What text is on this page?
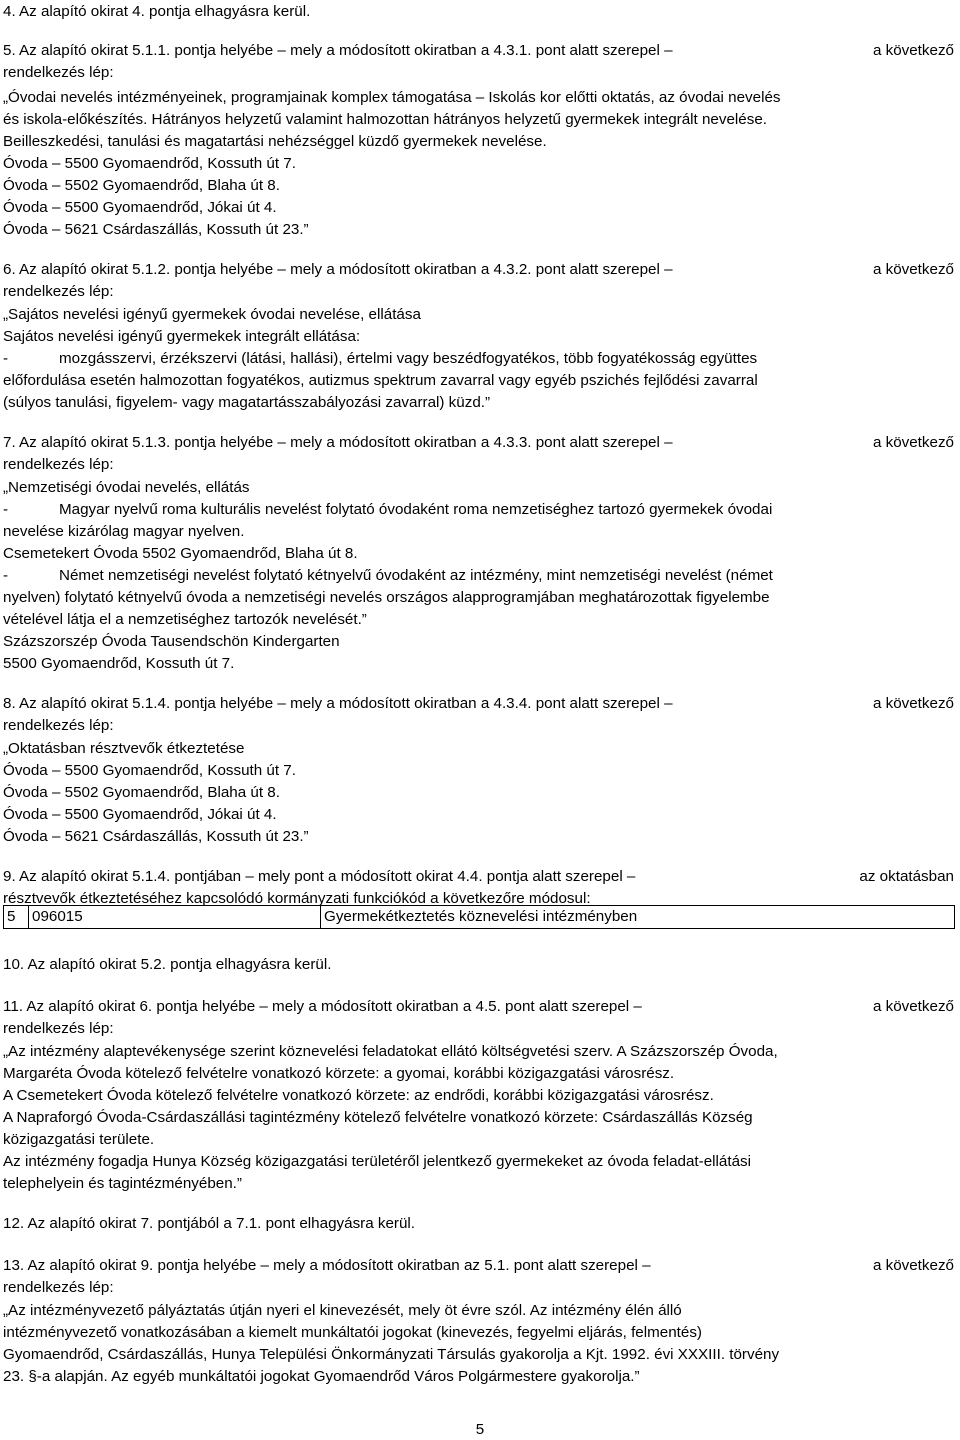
4. Az alapító okirat 4. pontja elhagyásra kerül.
5. Az alapító okirat 5.1.1. pontja helyébe – mely a módosított okiratban a 4.3.1. pont alatt szerepel –	a következő
rendelkezés lép:
„Óvodai nevelés intézményeinek, programjainak komplex támogatása – Iskolás kor előtti oktatás, az óvodai nevelés
és iskola-előkészítés. Hátrányos helyzetű valamint halmozottan hátrányos helyzetű gyermekek integrált nevelése.
Beilleszkedési, tanulási és magatartási nehézséggel küzdő gyermekek nevelése.
Óvoda – 5500 Gyomaendrőd, Kossuth út 7.
Óvoda – 5502 Gyomaendrőd, Blaha út 8.
Óvoda – 5500 Gyomaendrőd, Jókai út 4.
Óvoda – 5621 Csárdaszállás, Kossuth út 23.”
6. Az alapító okirat 5.1.2. pontja helyébe – mely a módosított okiratban a 4.3.2. pont alatt szerepel –	a következő
rendelkezés lép:
„Sajátos nevelési igényű gyermekek óvodai nevelése, ellátása
Sajátos nevelési igényű gyermekek integrált ellátása:
-	mozgásszervi, érzékszervi (látási, hallási), értelmi vagy beszédfogyatékos, több fogyatékosság együttes
előfordulása esetén halmozottan fogyatékos, autizmus spektrum zavarral vagy egyéb pszichés fejlődési zavarral
(súlyos tanulási, figyelem- vagy magatartásszabályozási zavarral) küzd.”
7. Az alapító okirat 5.1.3. pontja helyébe – mely a módosított okiratban a 4.3.3. pont alatt szerepel –	a következő
rendelkezés lép:
„Nemzetiségi óvodai nevelés, ellátás
-	Magyar nyelvű roma kulturális nevelést folytató óvodaként roma nemzetiséghez tartozó gyermekek óvodai
nevelése kizárólag magyar nyelven.
Csemetekert Óvoda 5502 Gyomaendrőd, Blaha út 8.
-	Német nemzetiségi nevelést folytató kétnyelvű óvodaként az intézmény, mint nemzetiségi nevelést (német
nyelven) folytató kétnyelvű óvoda a nemzetiségi nevelés országos alapprogramjában meghatározottak figyelembe
vételével látja el a nemzetiséghez tartozók nevelését.”
Százszorszép Óvoda Tausendschön Kindergarten
5500 Gyomaendrőd, Kossuth út 7.
8. Az alapító okirat 5.1.4. pontja helyébe – mely a módosított okiratban a 4.3.4. pont alatt szerepel –	a következő
rendelkezés lép:
„Oktatásban résztvevők étkeztetése
Óvoda – 5500 Gyomaendrőd, Kossuth út 7.
Óvoda – 5502 Gyomaendrőd, Blaha út 8.
Óvoda – 5500 Gyomaendrőd, Jókai út 4.
Óvoda – 5621 Csárdaszállás, Kossuth út 23.”
9. Az alapító okirat 5.1.4. pontjában – mely pont a módosított okirat 4.4. pontja alatt szerepel –	az oktatásban
résztvevők étkeztetéséhez kapcsolódó kormányzati funkciókód a következőre módosul:
5	096015	Gyermekétkeztetés köznevelési intézményben
10. Az alapító okirat 5.2. pontja elhagyásra kerül.
11. Az alapító okirat 6. pontja helyébe – mely a módosított okiratban a 4.5. pont alatt szerepel –	a következő
rendelkezés lép:
„Az intézmény alaptevékenysége szerint köznevelési feladatokat ellátó költségvetési szerv. A Százszorszép Óvoda,
Margaréta Óvoda kötelező felvételre vonatkozó körzete: a gyomai, korábbi közigazgatási városrész.
A Csemetekert Óvoda kötelező felvételre vonatkozó körzete: az endrődi, korábbi közigazgatási városrész.
A Napraforgó Óvoda-Csárdaszállási tagintézmény kötelező felvételre vonatkozó körzete: Csárdaszállás Község
közigazgatási területe.
Az intézmény fogadja Hunya Község közigazgatási területéről jelentkező gyermekeket az óvoda feladat-ellátási
telephelyein és tagintézményében.”
12. Az alapító okirat 7. pontjából a 7.1. pont elhagyásra kerül.
13. Az alapító okirat 9. pontja helyébe – mely a módosított okiratban az 5.1. pont alatt szerepel –	a következő
rendelkezés lép:
„Az intézményvezető pályáztatás útján nyeri el kinevezését, mely öt évre szól. Az intézmény élén álló
intézményvezető vonatkozásában a kiemelt munkáltatói jogokat (kinevezés, fegyelmi eljárás, felmentés)
Gyomaendrőd, Csárdaszállás, Hunya Települési Önkormányzati Társulás gyakorolja a Kjt. 1992. évi XXXIII. törvény
23. §-a alapján. Az egyéb munkáltatói jogokat Gyomaendrőd Város Polgármestere gyakorolja.”
5
